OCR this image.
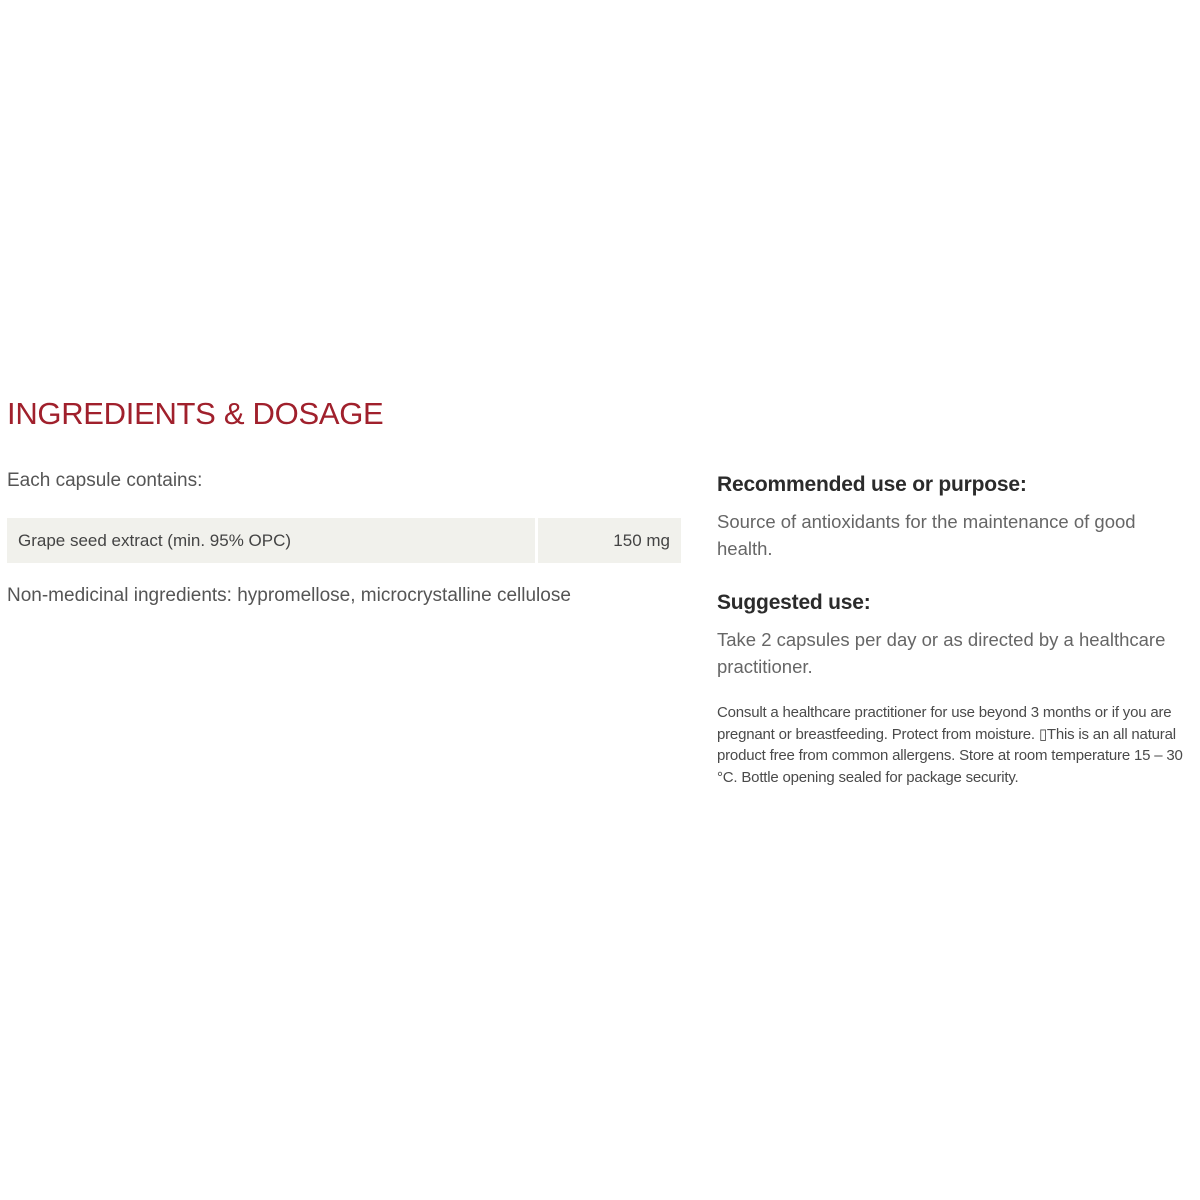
INGREDIENTS & DOSAGE

Each capsule contains:

Grape seed extract (min. 95% OPC)	150 mg

Non-medicinal ingredients: hypromellose, microcrystalline cellulose

Recommended use or purpose:

Source of antioxidants for the maintenance of good health.

Suggested use:

Take 2 capsules per day or as directed by a healthcare practitioner.

Consult a healthcare practitioner for use beyond 3 months or if you are pregnant or breastfeeding. Protect from moisture. ▯This is an all natural product free from common allergens. Store at room temperature 15 – 30 °C. Bottle opening sealed for package security.
